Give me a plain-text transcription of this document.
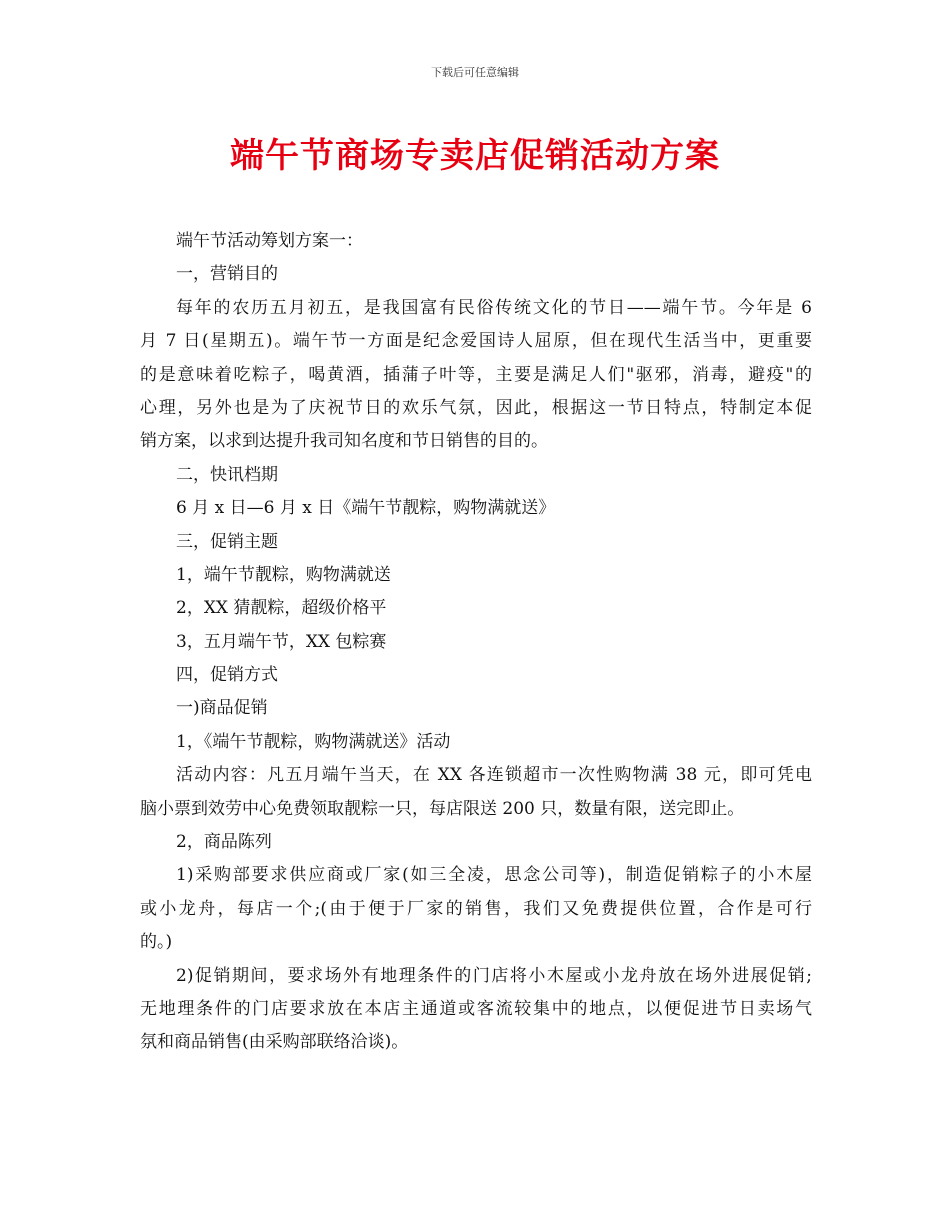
下载后可任意编辑
端午节商场专卖店促销活动方案
端午节活动筹划方案一：
一，营销目的
每年的农历五月初五，是我国富有民俗传统文化的节日——端午节。今年是 6
月 7 日(星期五)。端午节一方面是纪念爱国诗人屈原，但在现代生活当中，更重要
的是意味着吃粽子，喝黄酒，插蒲子叶等，主要是满足人们"驱邪，消毒，避疫"的
心理，另外也是为了庆祝节日的欢乐气氛，因此，根据这一节日特点，特制定本促
销方案，以求到达提升我司知名度和节日销售的目的。
二，快讯档期
6 月 x 日—6 月 x 日《端午节靓粽，购物满就送》
三，促销主题
1，端午节靓粽，购物满就送
2，XX 猜靓粽，超级价格平
3，五月端午节，XX 包粽赛
四，促销方式
一)商品促销
1，《端午节靓粽，购物满就送》活动
活动内容：凡五月端午当天，在 XX 各连锁超市一次性购物满 38 元，即可凭电
脑小票到效劳中心免费领取靓粽一只，每店限送 200 只，数量有限，送完即止。
2，商品陈列
1)采购部要求供应商或厂家(如三全凌，思念公司等)，制造促销粽子的小木屋
或小龙舟，每店一个;(由于便于厂家的销售，我们又免费提供位置，合作是可行
的。)
2)促销期间，要求场外有地理条件的门店将小木屋或小龙舟放在场外进展促销;
无地理条件的门店要求放在本店主通道或客流较集中的地点，以便促进节日卖场气
氛和商品销售(由采购部联络洽谈)。
